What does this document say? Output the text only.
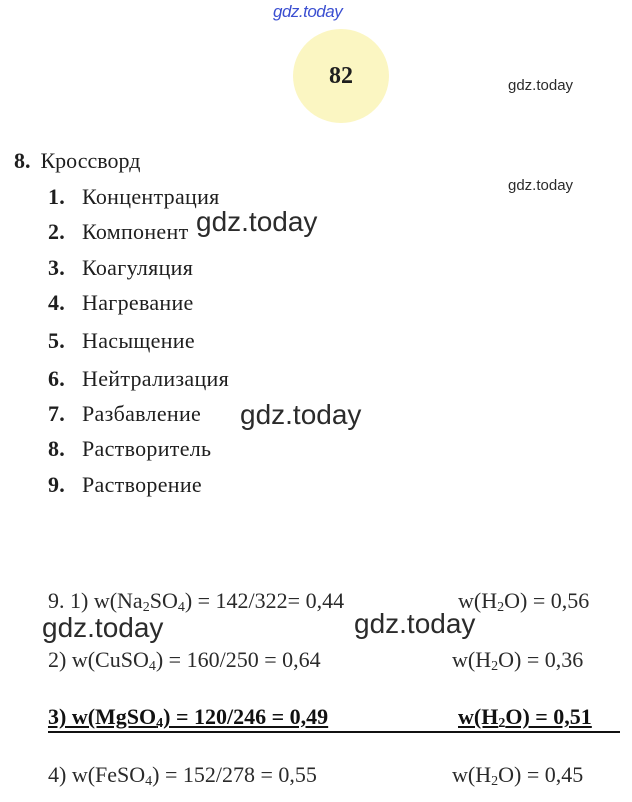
gdz.today
gdz.today
gdz.today
gdz.today
gdz.today
gdz.today	gdz.today
82
8. Кроссворд
1. Концентрация
2. Компонент
3. Коагуляция
4. Нагревание
5. Насыщение
6. Нейтрализация
7. Разбавление
8. Растворитель
9. Растворение
9. 1) $w(Na_2SO_4) = 142/322= 0,44$	$w(H_2O) = 0,56$
2) w(CuSO$_4$) = 160/250 = 0,64	$w(H_2O) = 0,36$
3) w(MgSO$_4$) = 120/246 = 0,49	$w(H_2O) = 0,51$
4) w(FeSO$_4$) = 152/278 = 0,55	$w(H_2O) = 0,45$
